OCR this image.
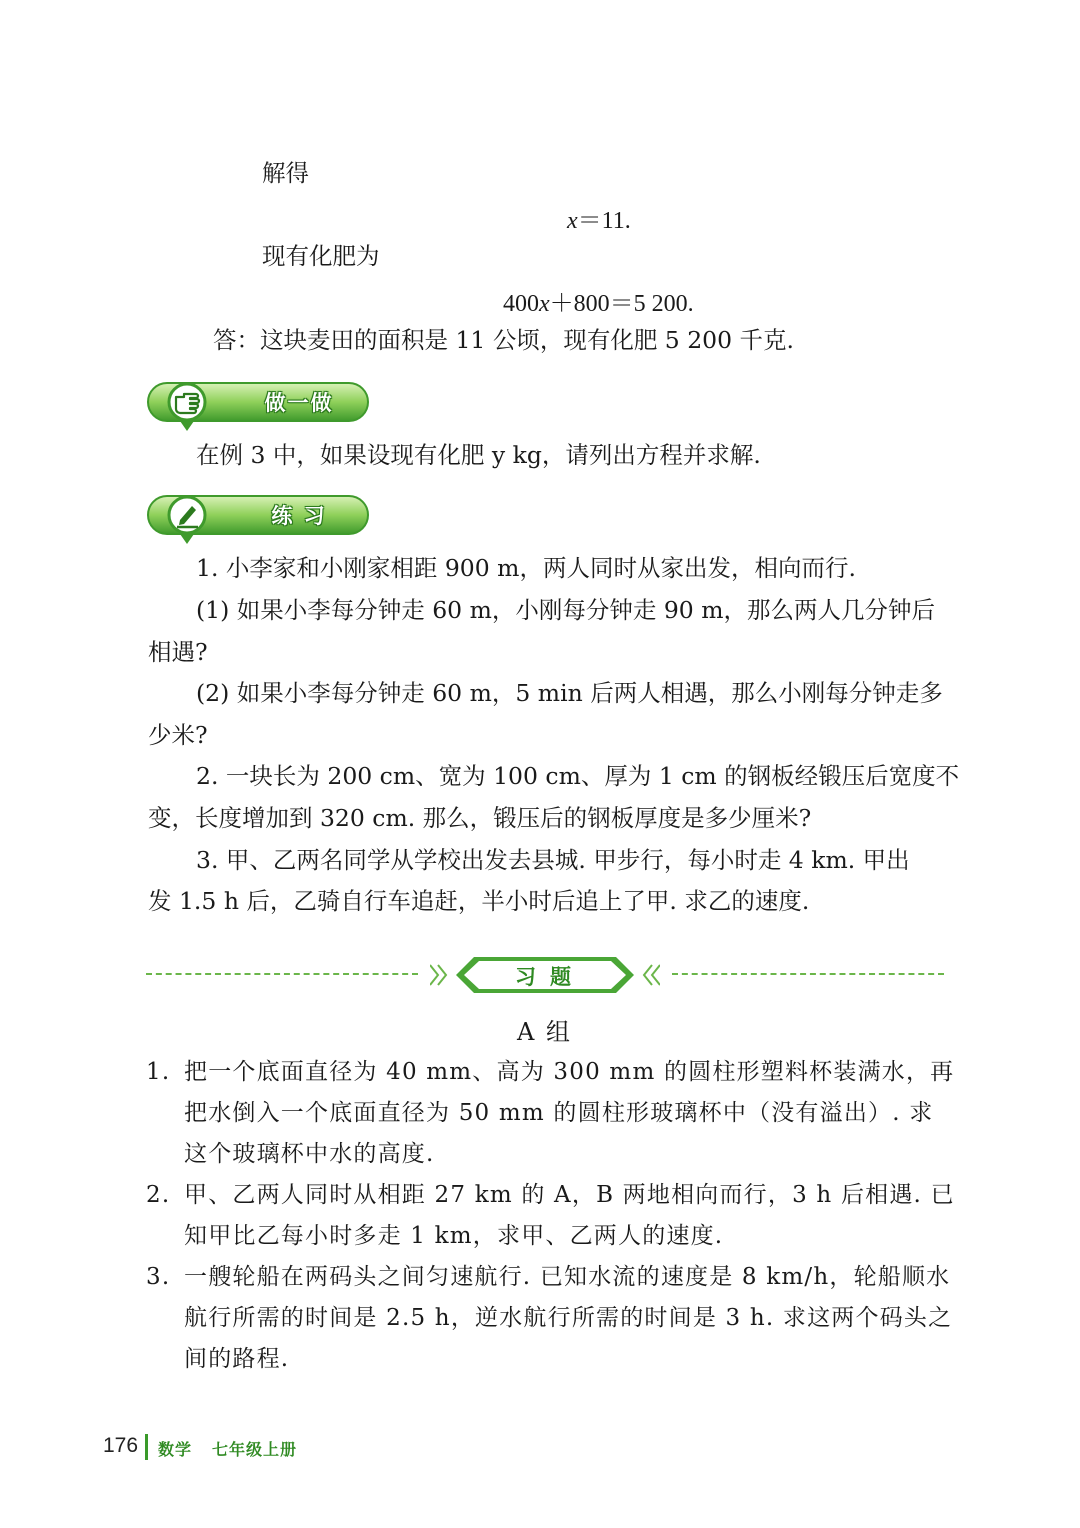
解得
x＝11.
现有化肥为
400x＋800＝5 200.
答：这块麦田的面积是 11 公顷，现有化肥 5 200 千克.
做一做
在例 3 中，如果设现有化肥 y kg，请列出方程并求解.
练 习
1. 小李家和小刚家相距 900 m，两人同时从家出发，相向而行.
(1) 如果小李每分钟走 60 m，小刚每分钟走 90 m，那么两人几分钟后
相遇?
(2) 如果小李每分钟走 60 m，5 min 后两人相遇，那么小刚每分钟走多
少米?
2. 一块长为 200 cm、宽为 100 cm、厚为 1 cm 的钢板经锻压后宽度不
变，长度增加到 320 cm. 那么，锻压后的钢板厚度是多少厘米?
3. 甲、乙两名同学从学校出发去县城. 甲步行，每小时走 4 km. 甲出
发 1.5 h 后，乙骑自行车追赶，半小时后追上了甲. 求乙的速度.
习题
A 组
1. 把一个底面直径为 40 mm、高为 300 mm 的圆柱形塑料杯装满水，再把水倒入一个底面直径为 50 mm 的圆柱形玻璃杯中（没有溢出）. 求这个玻璃杯中水的高度.
2. 甲、乙两人同时从相距 27 km 的 A，B 两地相向而行，3 h 后相遇. 已知甲比乙每小时多走 1 km，求甲、乙两人的速度.
3. 一艘轮船在两码头之间匀速航行. 已知水流的速度是 8 km/h，轮船顺水航行所需的时间是 2.5 h，逆水航行所需的时间是 3 h. 求这两个码头之间的路程.
176 数学 七年级上册
